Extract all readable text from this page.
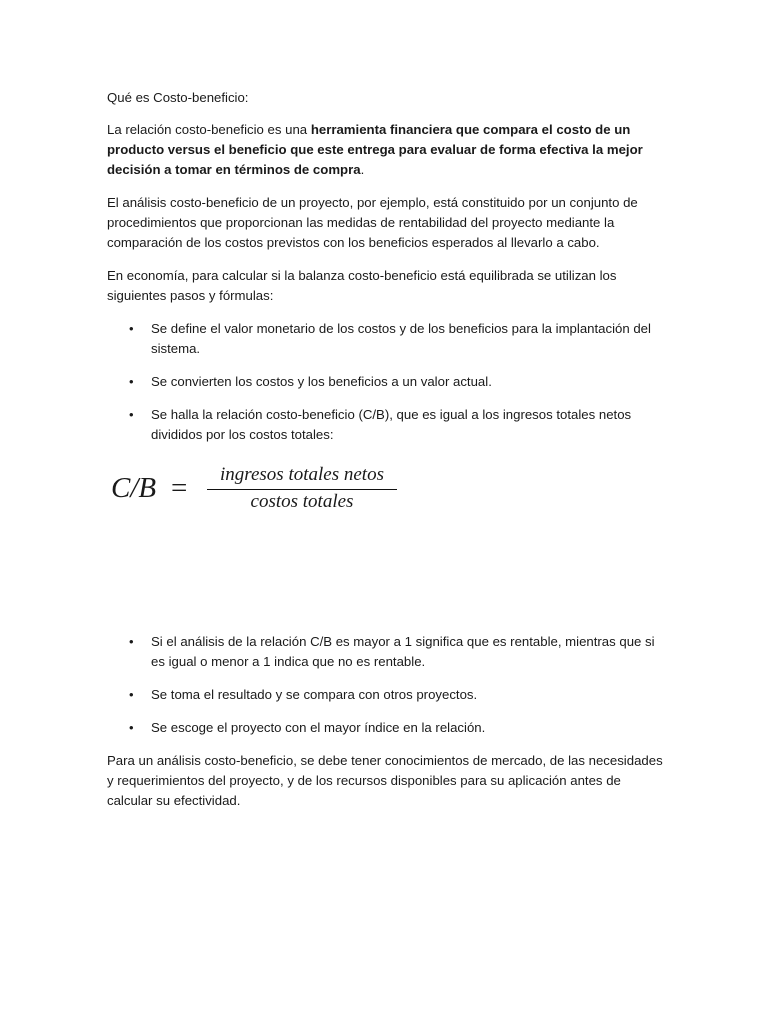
Qué es Costo-beneficio:

La relación costo-beneficio es una herramienta financiera que compara el costo de un producto versus el beneficio que este entrega para evaluar de forma efectiva la mejor decisión a tomar en términos de compra.

El análisis costo-beneficio de un proyecto, por ejemplo, está constituido por un conjunto de procedimientos que proporcionan las medidas de rentabilidad del proyecto mediante la comparación de los costos previstos con los beneficios esperados al llevarlo a cabo.

En economía, para calcular si la balanza costo-beneficio está equilibrada se utilizan los siguientes pasos y fórmulas:

• Se define el valor monetario de los costos y de los beneficios para la implantación del sistema.
• Se convierten los costos y los beneficios a un valor actual.
• Se halla la relación costo-beneficio (C/B), que es igual a los ingresos totales netos divididos por los costos totales:
C/B =	ingresos totales netos
costos totales
• Si el análisis de la relación C/B es mayor a 1 significa que es rentable, mientras que si es igual o menor a 1 indica que no es rentable.
• Se toma el resultado y se compara con otros proyectos.
• Se escoge el proyecto con el mayor índice en la relación.

Para un análisis costo-beneficio, se debe tener conocimientos de mercado, de las necesidades y requerimientos del proyecto, y de los recursos disponibles para su aplicación antes de calcular su efectividad.
